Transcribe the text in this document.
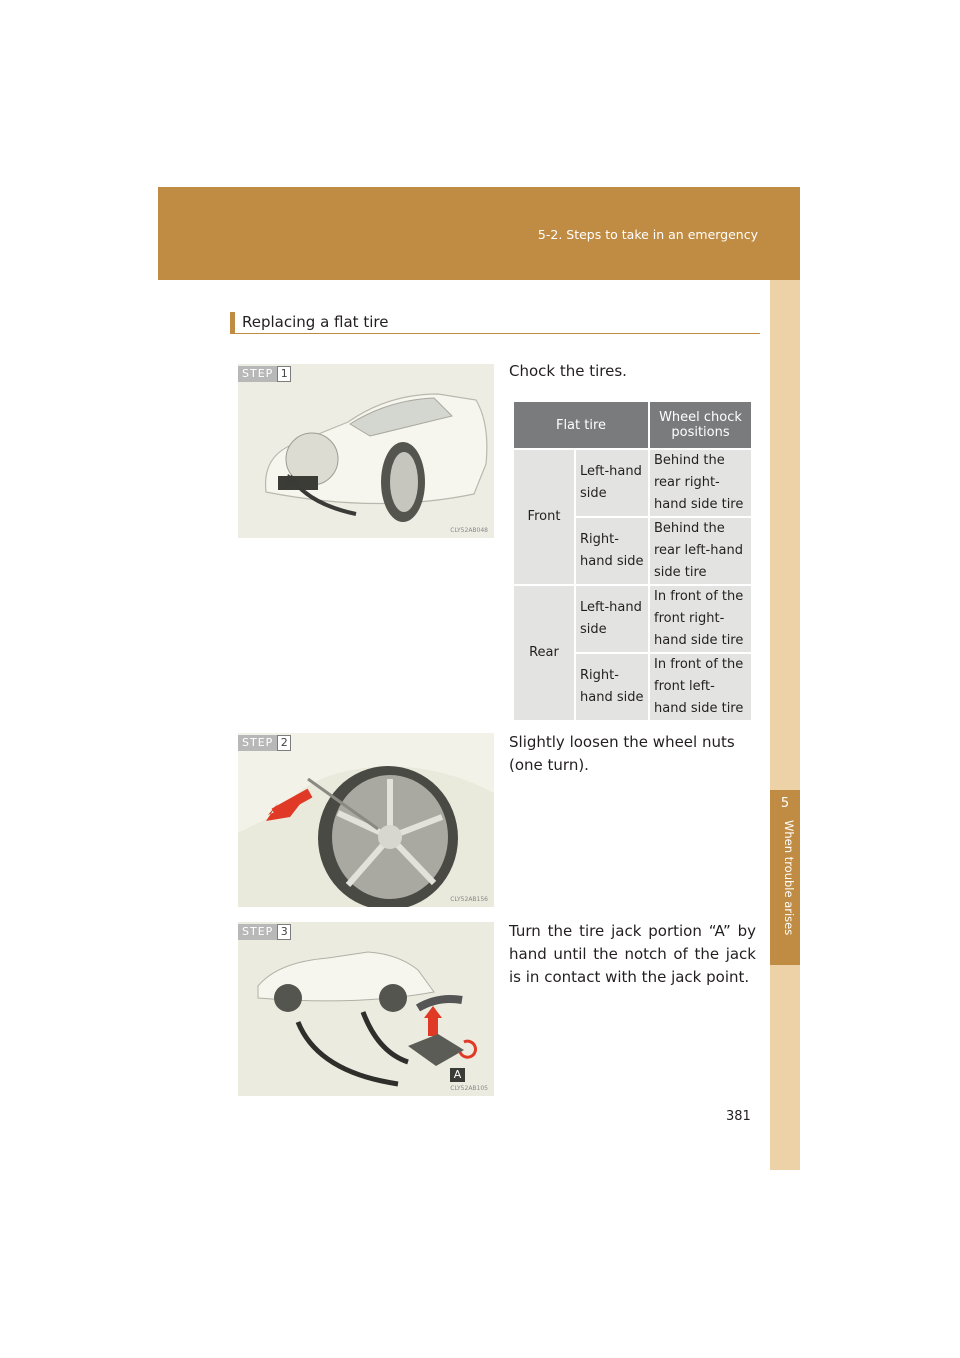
5-2. Steps to take in an emergency
5
When trouble arises
Replacing a flat tire
CLY52AB048
STEP 1	Chock the tires.
Flat tire		Wheel chock positions
Front	Left-hand side	Behind the rear right-hand side tire
	Right-hand side	Behind the rear left-hand side tire
Rear	Left-hand side	In front of the front right-hand side tire
	Right-hand side	In front of the front left-hand side tire
CLY52AB156
STEP 2	Slightly loosen the wheel nuts (one turn).
CLY52AB105
A
STEP 3	Turn the tire jack portion “A” by hand until the notch of the jack is in contact with the jack point.
381
